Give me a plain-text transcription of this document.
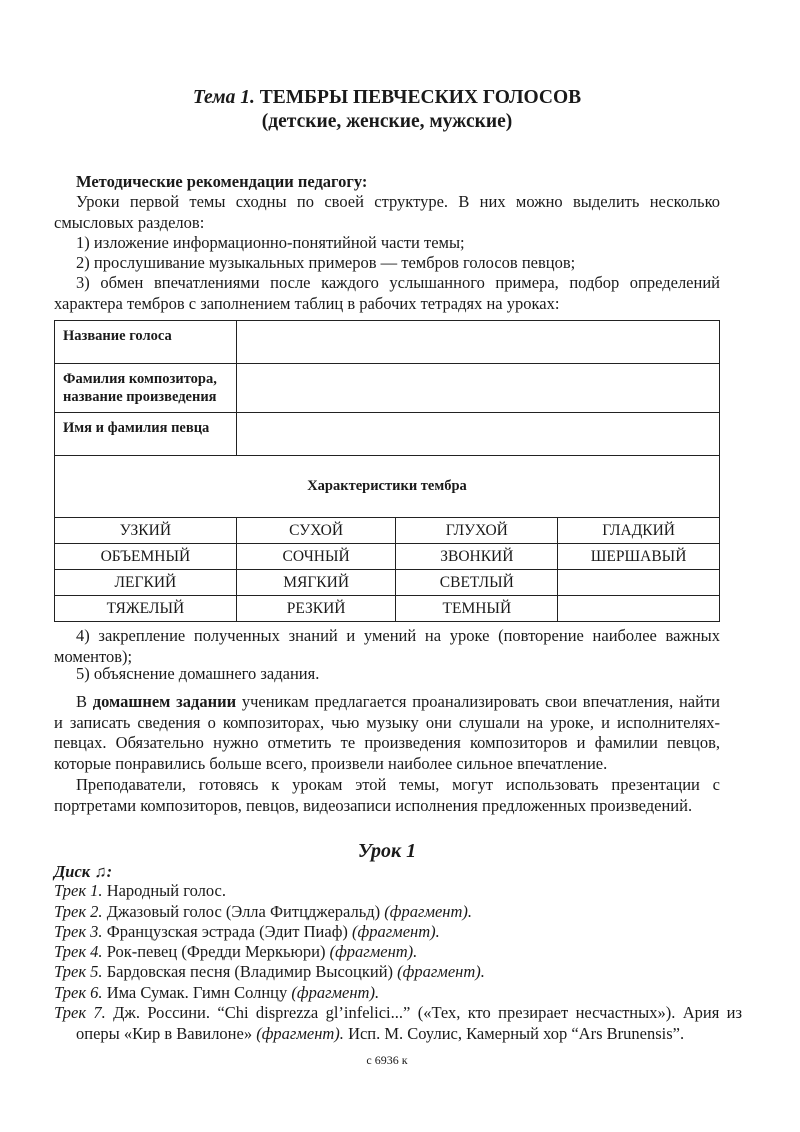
Тема 1. ТЕМБРЫ ПЕВЧЕСКИХ ГОЛОСОВ
(детские, женские, мужские)
Методические рекомендации педагогу:
Уроки первой темы сходны по своей структуре. В них можно выделить несколько смысловых разделов:
1) изложение информационно-понятийной части темы;
2) прослушивание музыкальных примеров — тембров голосов певцов;
3) обмен впечатлениями после каждого услышанного примера, подбор определений характера тембров с заполнением таблиц в рабочих тетрадях на уроках:
Название голоса			
Фамилия композитора, название произведения			
Имя и фамилия певца			
Характеристики тембра			
УЗКИЙ	СУХОЙ	ГЛУХОЙ	ГЛАДКИЙ
ОБЪЕМНЫЙ	СОЧНЫЙ	ЗВОНКИЙ	ШЕРШАВЫЙ
ЛЕГКИЙ	МЯГКИЙ	СВЕТЛЫЙ	
ТЯЖЕЛЫЙ	РЕЗКИЙ	ТЕМНЫЙ	
4) закрепление полученных знаний и умений на уроке (повторение наиболее важных моментов);
5) объяснение домашнего задания.
В домашнем задании ученикам предлагается проанализировать свои впечатления, найти и записать сведения о композиторах, чью музыку они слушали на уроке, и исполнителях-певцах. Обязательно нужно отметить те произведения композиторов и фамилии певцов, которые понравились больше всего, произвели наиболее сильное впечатление.
Преподаватели, готовясь к урокам этой темы, могут использовать презентации с портретами композиторов, певцов, видеозаписи исполнения предложенных произведений.
Урок 1
Диск ♫:
Трек 1. Народный голос.
Трек 2. Джазовый голос (Элла Фитцджеральд) (фрагмент).
Трек 3. Французская эстрада (Эдит Пиаф) (фрагмент).
Трек 4. Рок-певец (Фредди Меркьюри) (фрагмент).
Трек 5. Бардовская песня (Владимир Высоцкий) (фрагмент).
Трек 6. Има Сумак. Гимн Солнцу (фрагмент).
Трек 7. Дж. Россини. “Chi disprezza gl’infelici...” («Тех, кто презирает несчастных»). Ария из оперы «Кир в Вавилоне» (фрагмент). Исп. М. Соулис, Камерный хор “Ars Brunensis”.
с 6936 к
